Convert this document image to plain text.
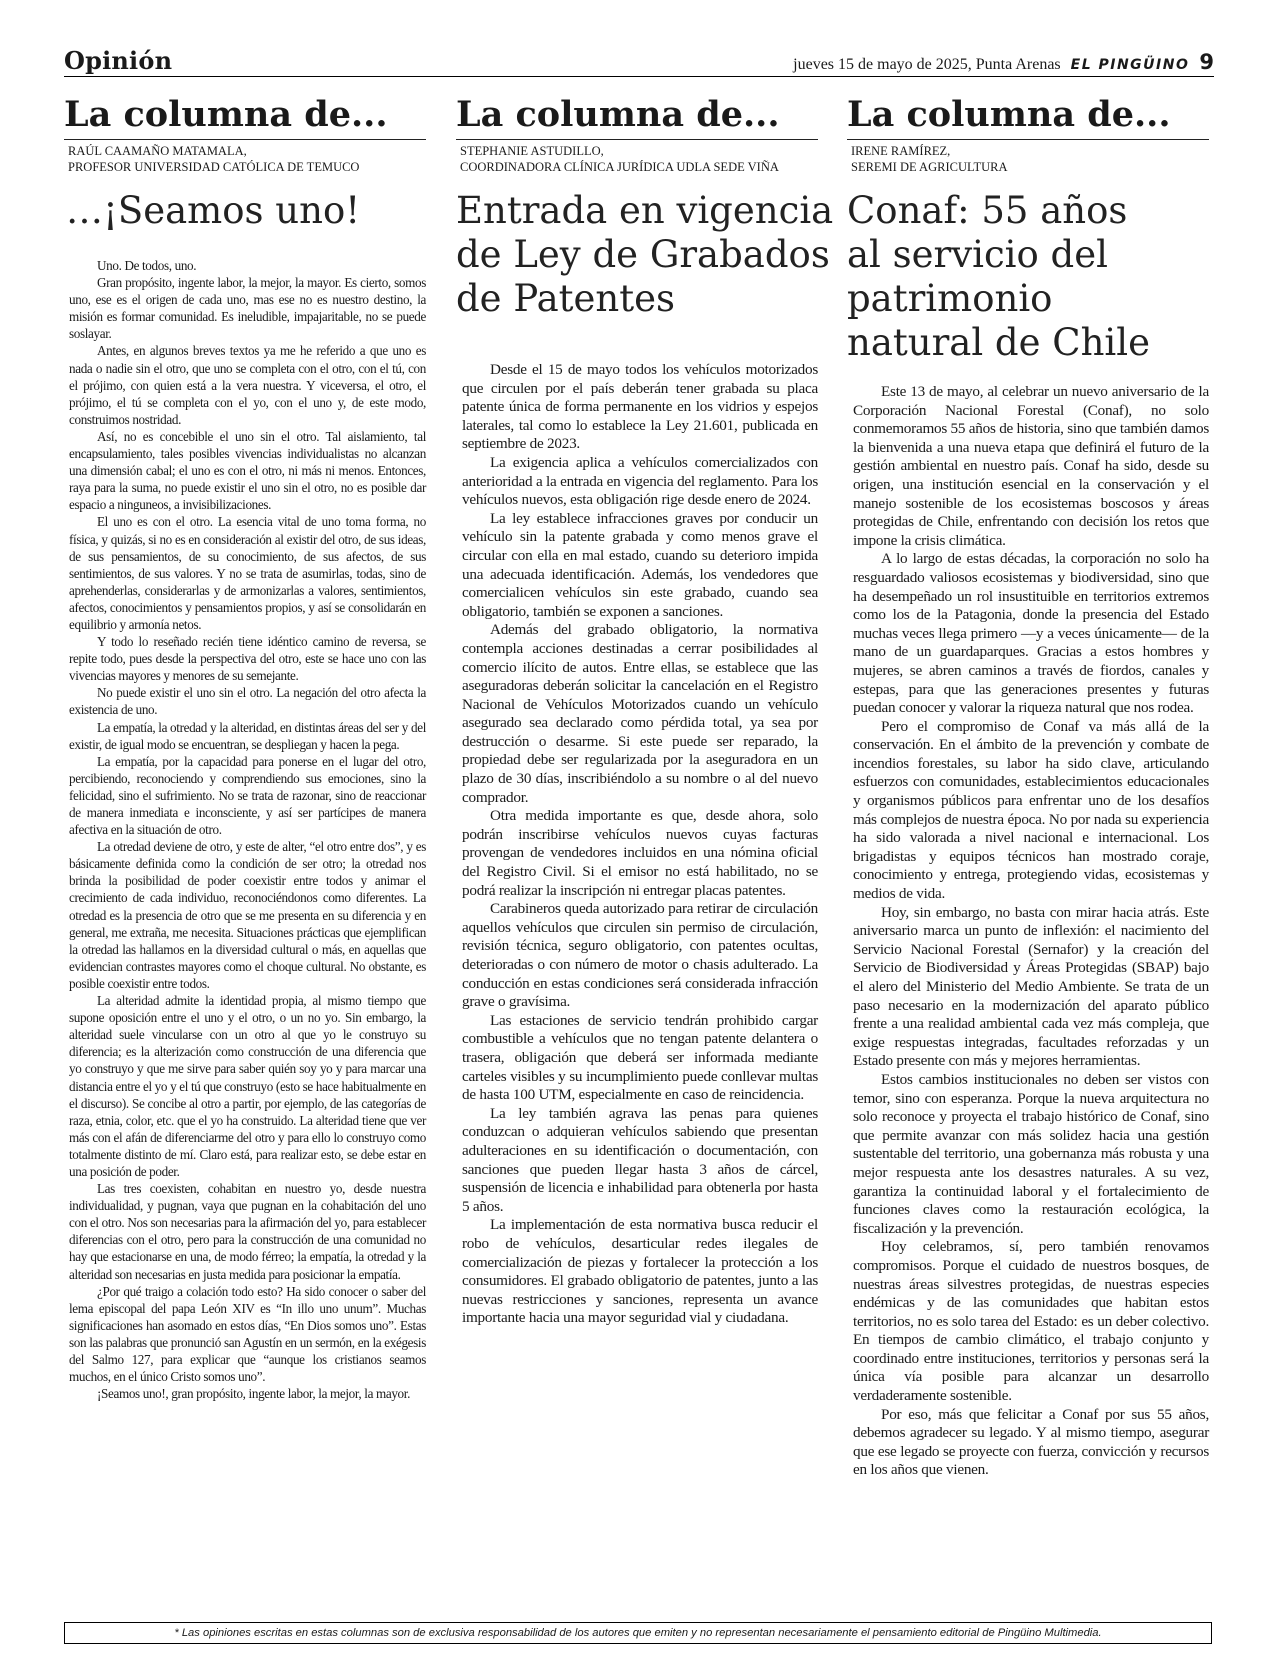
Opinión	jueves 15 de mayo de 2025, Punta Arenas EL PINGÜINO 9
La columna de...
RAÚL CAAMAÑO MATAMALA,
PROFESOR UNIVERSIDAD CATÓLICA DE TEMUCO
…¡Seamos uno!

Uno. De todos, uno.

Gran propósito, ingente labor, la mejor, la mayor. Es cierto, somos uno, ese es el origen de cada uno, mas ese no es nuestro destino, la misión es formar comunidad. Es ineludible, impajaritable, no se puede soslayar.

Antes, en algunos breves textos ya me he referido a que uno es nada o nadie sin el otro, que uno se completa con el otro, con el tú, con el prójimo, con quien está a la vera nuestra. Y viceversa, el otro, el prójimo, el tú se completa con el yo, con el uno y, de este modo, construimos nostridad.

Así, no es concebible el uno sin el otro. Tal aislamiento, tal encapsulamiento, tales posibles vivencias individualistas no alcanzan una dimensión cabal; el uno es con el otro, ni más ni menos. Entonces, raya para la suma, no puede existir el uno sin el otro, no es posible dar espacio a ninguneos, a invisibilizaciones.

El uno es con el otro. La esencia vital de uno toma forma, no física, y quizás, si no es en consideración al existir del otro, de sus ideas, de sus pensamientos, de su conocimiento, de sus afectos, de sus sentimientos, de sus valores. Y no se trata de asumirlas, todas, sino de aprehenderlas, considerarlas y de armonizarlas a valores, sentimientos, afectos, conocimientos y pensamientos propios, y así se consolidarán en equilibrio y armonía netos.

Y todo lo reseñado recién tiene idéntico camino de reversa, se repite todo, pues desde la perspectiva del otro, este se hace uno con las vivencias mayores y menores de su semejante.

No puede existir el uno sin el otro. La negación del otro afecta la existencia de uno.

La empatía, la otredad y la alteridad, en distintas áreas del ser y del existir, de igual modo se encuentran, se despliegan y hacen la pega.

La empatía, por la capacidad para ponerse en el lugar del otro, percibiendo, reconociendo y comprendiendo sus emociones, sino la felicidad, sino el sufrimiento. No se trata de razonar, sino de reaccionar de manera inmediata e inconsciente, y así ser partícipes de manera afectiva en la situación de otro.

La otredad deviene de otro, y este de alter, “el otro entre dos”, y es básicamente definida como la condición de ser otro; la otredad nos brinda la posibilidad de poder coexistir entre todos y animar el crecimiento de cada individuo, reconociéndonos como diferentes. La otredad es la presencia de otro que se me presenta en su diferencia y en general, me extraña, me necesita. Situaciones prácticas que ejemplifican la otredad las hallamos en la diversidad cultural o más, en aquellas que evidencian contrastes mayores como el choque cultural. No obstante, es posible coexistir entre todos.

La alteridad admite la identidad propia, al mismo tiempo que supone oposición entre el uno y el otro, o un no yo. Sin embargo, la alteridad suele vincularse con un otro al que yo le construyo su diferencia; es la alterización como construcción de una diferencia que yo construyo y que me sirve para saber quién soy yo y para marcar una distancia entre el yo y el tú que construyo (esto se hace habitualmente en el discurso). Se concibe al otro a partir, por ejemplo, de las categorías de raza, etnia, color, etc. que el yo ha construido. La alteridad tiene que ver más con el afán de diferenciarme del otro y para ello lo construyo como totalmente distinto de mí. Claro está, para realizar esto, se debe estar en una posición de poder.

Las tres coexisten, cohabitan en nuestro yo, desde nuestra individualidad, y pugnan, vaya que pugnan en la cohabitación del uno con el otro. Nos son necesarias para la afirmación del yo, para establecer diferencias con el otro, pero para la construcción de una comunidad no hay que estacionarse en una, de modo férreo; la empatía, la otredad y la alteridad son necesarias en justa medida para posicionar la empatía.

¿Por qué traigo a colación todo esto? Ha sido conocer o saber del lema episcopal del papa León XIV es “In illo uno unum”. Muchas significaciones han asomado en estos días, “En Dios somos uno”. Estas son las palabras que pronunció san Agustín en un sermón, en la exégesis del Salmo 127, para explicar que “aunque los cristianos seamos muchos, en el único Cristo somos uno”.

¡Seamos uno!, gran propósito, ingente labor, la mejor, la mayor.

La columna de...
STEPHANIE ASTUDILLO,
COORDINADORA CLÍNICA JURÍDICA UDLA SEDE VIÑA
Entrada en vigencia
de Ley de Grabados
de Patentes

Desde el 15 de mayo todos los vehículos motorizados que circulen por el país deberán tener grabada su placa patente única de forma permanente en los vidrios y espejos laterales, tal como lo establece la Ley 21.601, publicada en septiembre de 2023.

La exigencia aplica a vehículos comercializados con anterioridad a la entrada en vigencia del reglamento. Para los vehículos nuevos, esta obligación rige desde enero de 2024.

La ley establece infracciones graves por conducir un vehículo sin la patente grabada y como menos grave el circular con ella en mal estado, cuando su deterioro impida una adecuada identificación. Además, los vendedores que comercialicen vehículos sin este grabado, cuando sea obligatorio, también se exponen a sanciones.

Además del grabado obligatorio, la normativa contempla acciones destinadas a cerrar posibilidades al comercio ilícito de autos. Entre ellas, se establece que las aseguradoras deberán solicitar la cancelación en el Registro Nacional de Vehículos Motorizados cuando un vehículo asegurado sea declarado como pérdida total, ya sea por destrucción o desarme. Si este puede ser reparado, la propiedad debe ser regularizada por la aseguradora en un plazo de 30 días, inscribiéndolo a su nombre o al del nuevo comprador.

Otra medida importante es que, desde ahora, solo podrán inscribirse vehículos nuevos cuyas facturas provengan de vendedores incluidos en una nómina oficial del Registro Civil. Si el emisor no está habilitado, no se podrá realizar la inscripción ni entregar placas patentes.

Carabineros queda autorizado para retirar de circulación aquellos vehículos que circulen sin permiso de circulación, revisión técnica, seguro obligatorio, con patentes ocultas, deterioradas o con número de motor o chasis adulterado. La conducción en estas condiciones será considerada infracción grave o gravísima.

Las estaciones de servicio tendrán prohibido cargar combustible a vehículos que no tengan patente delantera o trasera, obligación que deberá ser informada mediante carteles visibles y su incumplimiento puede conllevar multas de hasta 100 UTM, especialmente en caso de reincidencia.

La ley también agrava las penas para quienes conduzcan o adquieran vehículos sabiendo que presentan adulteraciones en su identificación o documentación, con sanciones que pueden llegar hasta 3 años de cárcel, suspensión de licencia e inhabilidad para obtenerla por hasta 5 años.

La implementación de esta normativa busca reducir el robo de vehículos, desarticular redes ilegales de comercialización de piezas y fortalecer la protección a los consumidores. El grabado obligatorio de patentes, junto a las nuevas restricciones y sanciones, representa un avance importante hacia una mayor seguridad vial y ciudadana.

La columna de...
IRENE RAMÍREZ,
SEREMI DE AGRICULTURA
Conaf: 55 años
al servicio del
patrimonio
natural de Chile

Este 13 de mayo, al celebrar un nuevo aniversario de la Corporación Nacional Forestal (Conaf), no solo conmemoramos 55 años de historia, sino que también damos la bienvenida a una nueva etapa que definirá el futuro de la gestión ambiental en nuestro país. Conaf ha sido, desde su origen, una institución esencial en la conservación y el manejo sostenible de los ecosistemas boscosos y áreas protegidas de Chile, enfrentando con decisión los retos que impone la crisis climática.

A lo largo de estas décadas, la corporación no solo ha resguardado valiosos ecosistemas y biodiversidad, sino que ha desempeñado un rol insustituible en territorios extremos como los de la Patagonia, donde la presencia del Estado muchas veces llega primero —y a veces únicamente— de la mano de un guardaparques. Gracias a estos hombres y mujeres, se abren caminos a través de fiordos, canales y estepas, para que las generaciones presentes y futuras puedan conocer y valorar la riqueza natural que nos rodea.

Pero el compromiso de Conaf va más allá de la conservación. En el ámbito de la prevención y combate de incendios forestales, su labor ha sido clave, articulando esfuerzos con comunidades, establecimientos educacionales y organismos públicos para enfrentar uno de los desafíos más complejos de nuestra época. No por nada su experiencia ha sido valorada a nivel nacional e internacional. Los brigadistas y equipos técnicos han mostrado coraje, conocimiento y entrega, protegiendo vidas, ecosistemas y medios de vida.

Hoy, sin embargo, no basta con mirar hacia atrás. Este aniversario marca un punto de inflexión: el nacimiento del Servicio Nacional Forestal (Sernafor) y la creación del Servicio de Biodiversidad y Áreas Protegidas (SBAP) bajo el alero del Ministerio del Medio Ambiente. Se trata de un paso necesario en la modernización del aparato público frente a una realidad ambiental cada vez más compleja, que exige respuestas integradas, facultades reforzadas y un Estado presente con más y mejores herramientas.

Estos cambios institucionales no deben ser vistos con temor, sino con esperanza. Porque la nueva arquitectura no solo reconoce y proyecta el trabajo histórico de Conaf, sino que permite avanzar con más solidez hacia una gestión sustentable del territorio, una gobernanza más robusta y una mejor respuesta ante los desastres naturales. A su vez, garantiza la continuidad laboral y el fortalecimiento de funciones claves como la restauración ecológica, la fiscalización y la prevención.

Hoy celebramos, sí, pero también renovamos compromisos. Porque el cuidado de nuestros bosques, de nuestras áreas silvestres protegidas, de nuestras especies endémicas y de las comunidades que habitan estos territorios, no es solo tarea del Estado: es un deber colectivo. En tiempos de cambio climático, el trabajo conjunto y coordinado entre instituciones, territorios y personas será la única vía posible para alcanzar un desarrollo verdaderamente sostenible.

Por eso, más que felicitar a Conaf por sus 55 años, debemos agradecer su legado. Y al mismo tiempo, asegurar que ese legado se proyecte con fuerza, convicción y recursos en los años que vienen.

* Las opiniones escritas en estas columnas son de exclusiva responsabilidad de los autores que emiten y no representan necesariamente el pensamiento editorial de Pingüino Multimedia.
